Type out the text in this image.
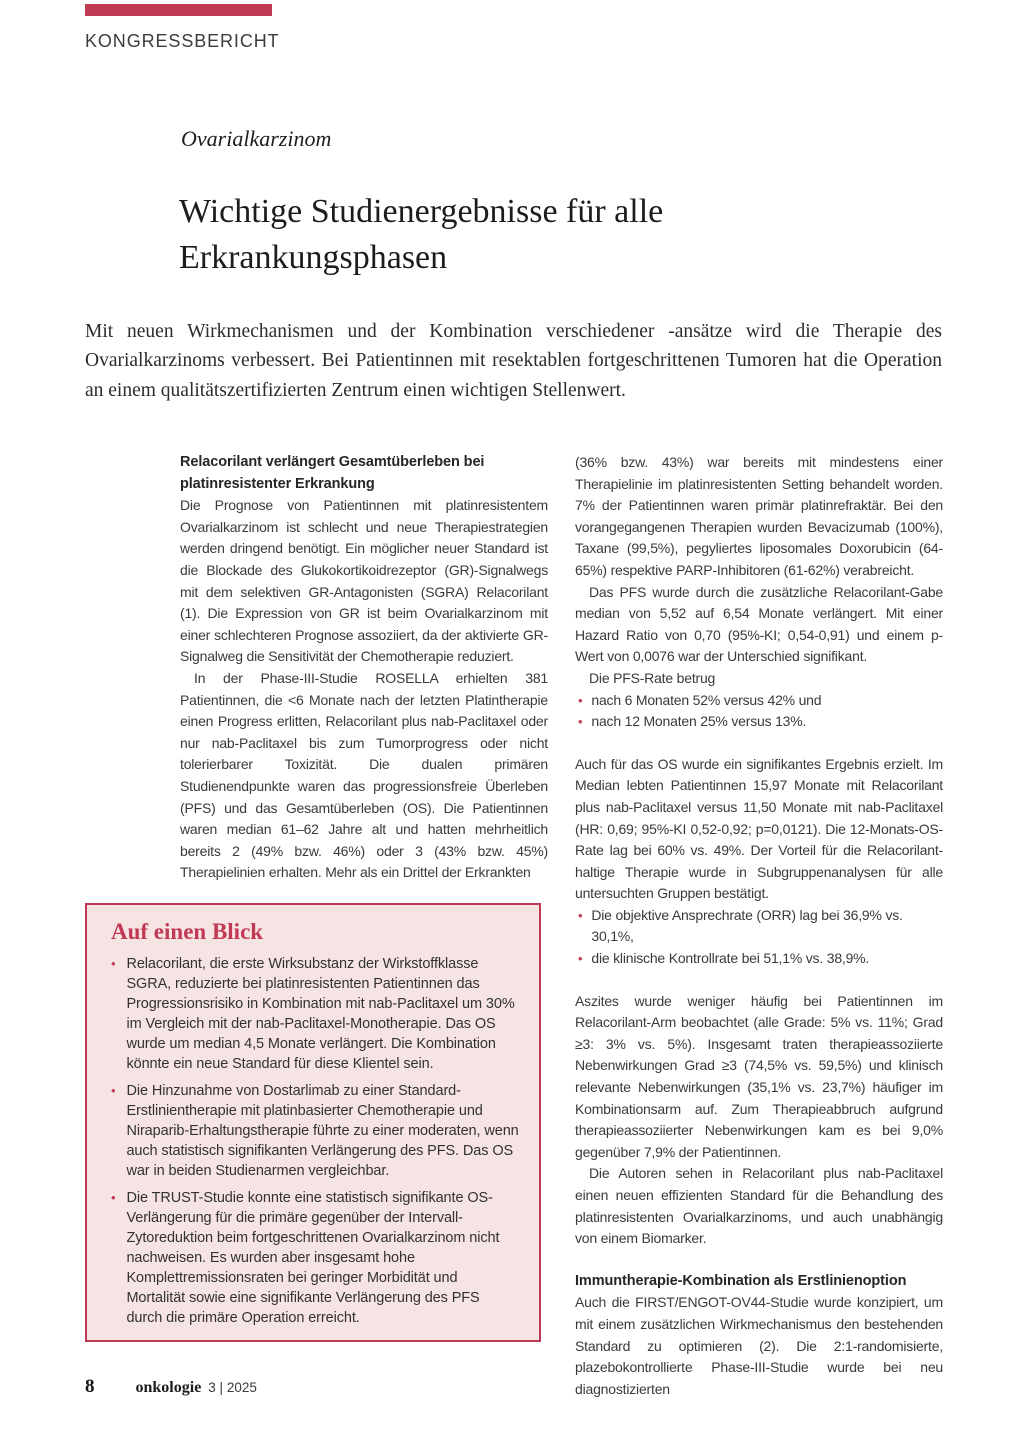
KONGRESSBERICHT
Ovarialkarzinom
Wichtige Studienergebnisse für alle Erkrankungsphasen

Mit neuen Wirkmechanismen und der Kombination verschiedener -ansätze wird die Therapie des Ovarialkarzinoms verbessert. Bei Patientinnen mit resektablen fortgeschrittenen Tumoren hat die Operation an einem qualitätszertifizierten Zentrum einen wichtigen Stellenwert.

Relacorilant verlängert Gesamtüberleben bei platinresistenter Erkrankung

Die Prognose von Patientinnen mit platinresistentem Ovarialkarzinom ist schlecht und neue Therapiestrategien werden dringend benötigt. Ein möglicher neuer Standard ist die Blockade des Glukokortikoidrezeptor (GR)-Signalwegs mit dem selektiven GR-Antagonisten (SGRA) Relacorilant (1). Die Expression von GR ist beim Ovarialkarzinom mit einer schlechteren Prognose assoziiert, da der aktivierte GR-Signalweg die Sensitivität der Chemotherapie reduziert.

In der Phase-III-Studie ROSELLA erhielten 381 Patientinnen, die <6 Monate nach der letzten Platintherapie einen Progress erlitten, Relacorilant plus nab-Paclitaxel oder nur nab-Paclitaxel bis zum Tumorprogress oder nicht tolerierbarer Toxizität. Die dualen primären Studienendpunkte waren das progressionsfreie Überleben (PFS) und das Gesamtüberleben (OS). Die Patientinnen waren median 61–62 Jahre alt und hatten mehrheitlich bereits 2 (49% bzw. 46%) oder 3 (43% bzw. 45%) Therapielinien erhalten. Mehr als ein Drittel der Erkrankten

(36% bzw. 43%) war bereits mit mindestens einer Therapielinie im platinresistenten Setting behandelt worden. 7% der Patientinnen waren primär platinrefraktär. Bei den vorangegangenen Therapien wurden Bevacizumab (100%), Taxane (99,5%), pegyliertes liposomales Doxorubicin (64-65%) respektive PARP-Inhibitoren (61-62%) verabreicht.

Das PFS wurde durch die zusätzliche Relacorilant-Gabe median von 5,52 auf 6,54 Monate verlängert. Mit einer Hazard Ratio von 0,70 (95%-KI; 0,54-0,91) und einem p-Wert von 0,0076 war der Unterschied signifikant.

Die PFS-Rate betrug

• nach 6 Monaten 52% versus 42% und
• nach 12 Monaten 25% versus 13%.

Auch für das OS wurde ein signifikantes Ergebnis erzielt. Im Median lebten Patientinnen 15,97 Monate mit Relacorilant plus nab-Paclitaxel versus 11,50 Monate mit nab-Paclitaxel (HR: 0,69; 95%-KI 0,52-0,92; p=0,0121). Die 12-Monats-OS-Rate lag bei 60% vs. 49%. Der Vorteil für die Relacorilant-haltige Therapie wurde in Subgruppenanalysen für alle untersuchten Gruppen bestätigt.

• Die objektive Ansprechrate (ORR) lag bei 36,9% vs. 30,1%,
• die klinische Kontrollrate bei 51,1% vs. 38,9%.

Aszites wurde weniger häufig bei Patientinnen im Relacorilant-Arm beobachtet (alle Grade: 5% vs. 11%; Grad ≥3: 3% vs. 5%). Insgesamt traten therapieassoziierte Nebenwirkungen Grad ≥3 (74,5% vs. 59,5%) und klinisch relevante Nebenwirkungen (35,1% vs. 23,7%) häufiger im Kombinationsarm auf. Zum Therapieabbruch aufgrund therapieassoziierter Nebenwirkungen kam es bei 9,0% gegenüber 7,9% der Patientinnen.

Die Autoren sehen in Relacorilant plus nab-Paclitaxel einen neuen effizienten Standard für die Behandlung des platinresistenten Ovarialkarzinoms, und auch unabhängig von einem Biomarker.

Immuntherapie-Kombination als Erstlinienoption

Auch die FIRST/ENGOT-OV44-Studie wurde konzipiert, um mit einem zusätzlichen Wirkmechanismus den bestehenden Standard zu optimieren (2). Die 2:1-randomisierte, plazebokontrollierte Phase-III-Studie wurde bei neu diagnostizierten

Auf einen Blick
• Relacorilant, die erste Wirksubstanz der Wirkstoffklasse SGRA, reduzierte bei platinresistenten Patientinnen das Progressionsrisiko in Kombination mit nab-Paclitaxel um 30% im Vergleich mit der nab-Paclitaxel-Monotherapie. Das OS wurde um median 4,5 Monate verlängert. Die Kombination könnte ein neue Standard für diese Klientel sein.
• Die Hinzunahme von Dostarlimab zu einer Standard-Erstlinientherapie mit platinbasierter Chemotherapie und Niraparib-Erhaltungstherapie führte zu einer moderaten, wenn auch statistisch signifikanten Verlängerung des PFS. Das OS war in beiden Studienarmen vergleichbar.
• Die TRUST-Studie konnte eine statistisch signifikante OS-Verlängerung für die primäre gegenüber der Intervall-Zytoreduktion beim fortgeschrittenen Ovarialkarzinom nicht nachweisen. Es wurden aber insgesamt hohe Komplettremissionsraten bei geringer Morbidität und Mortalität sowie eine signifikante Verlängerung des PFS durch die primäre Operation erreicht.
8	onkologie 3 | 2025
